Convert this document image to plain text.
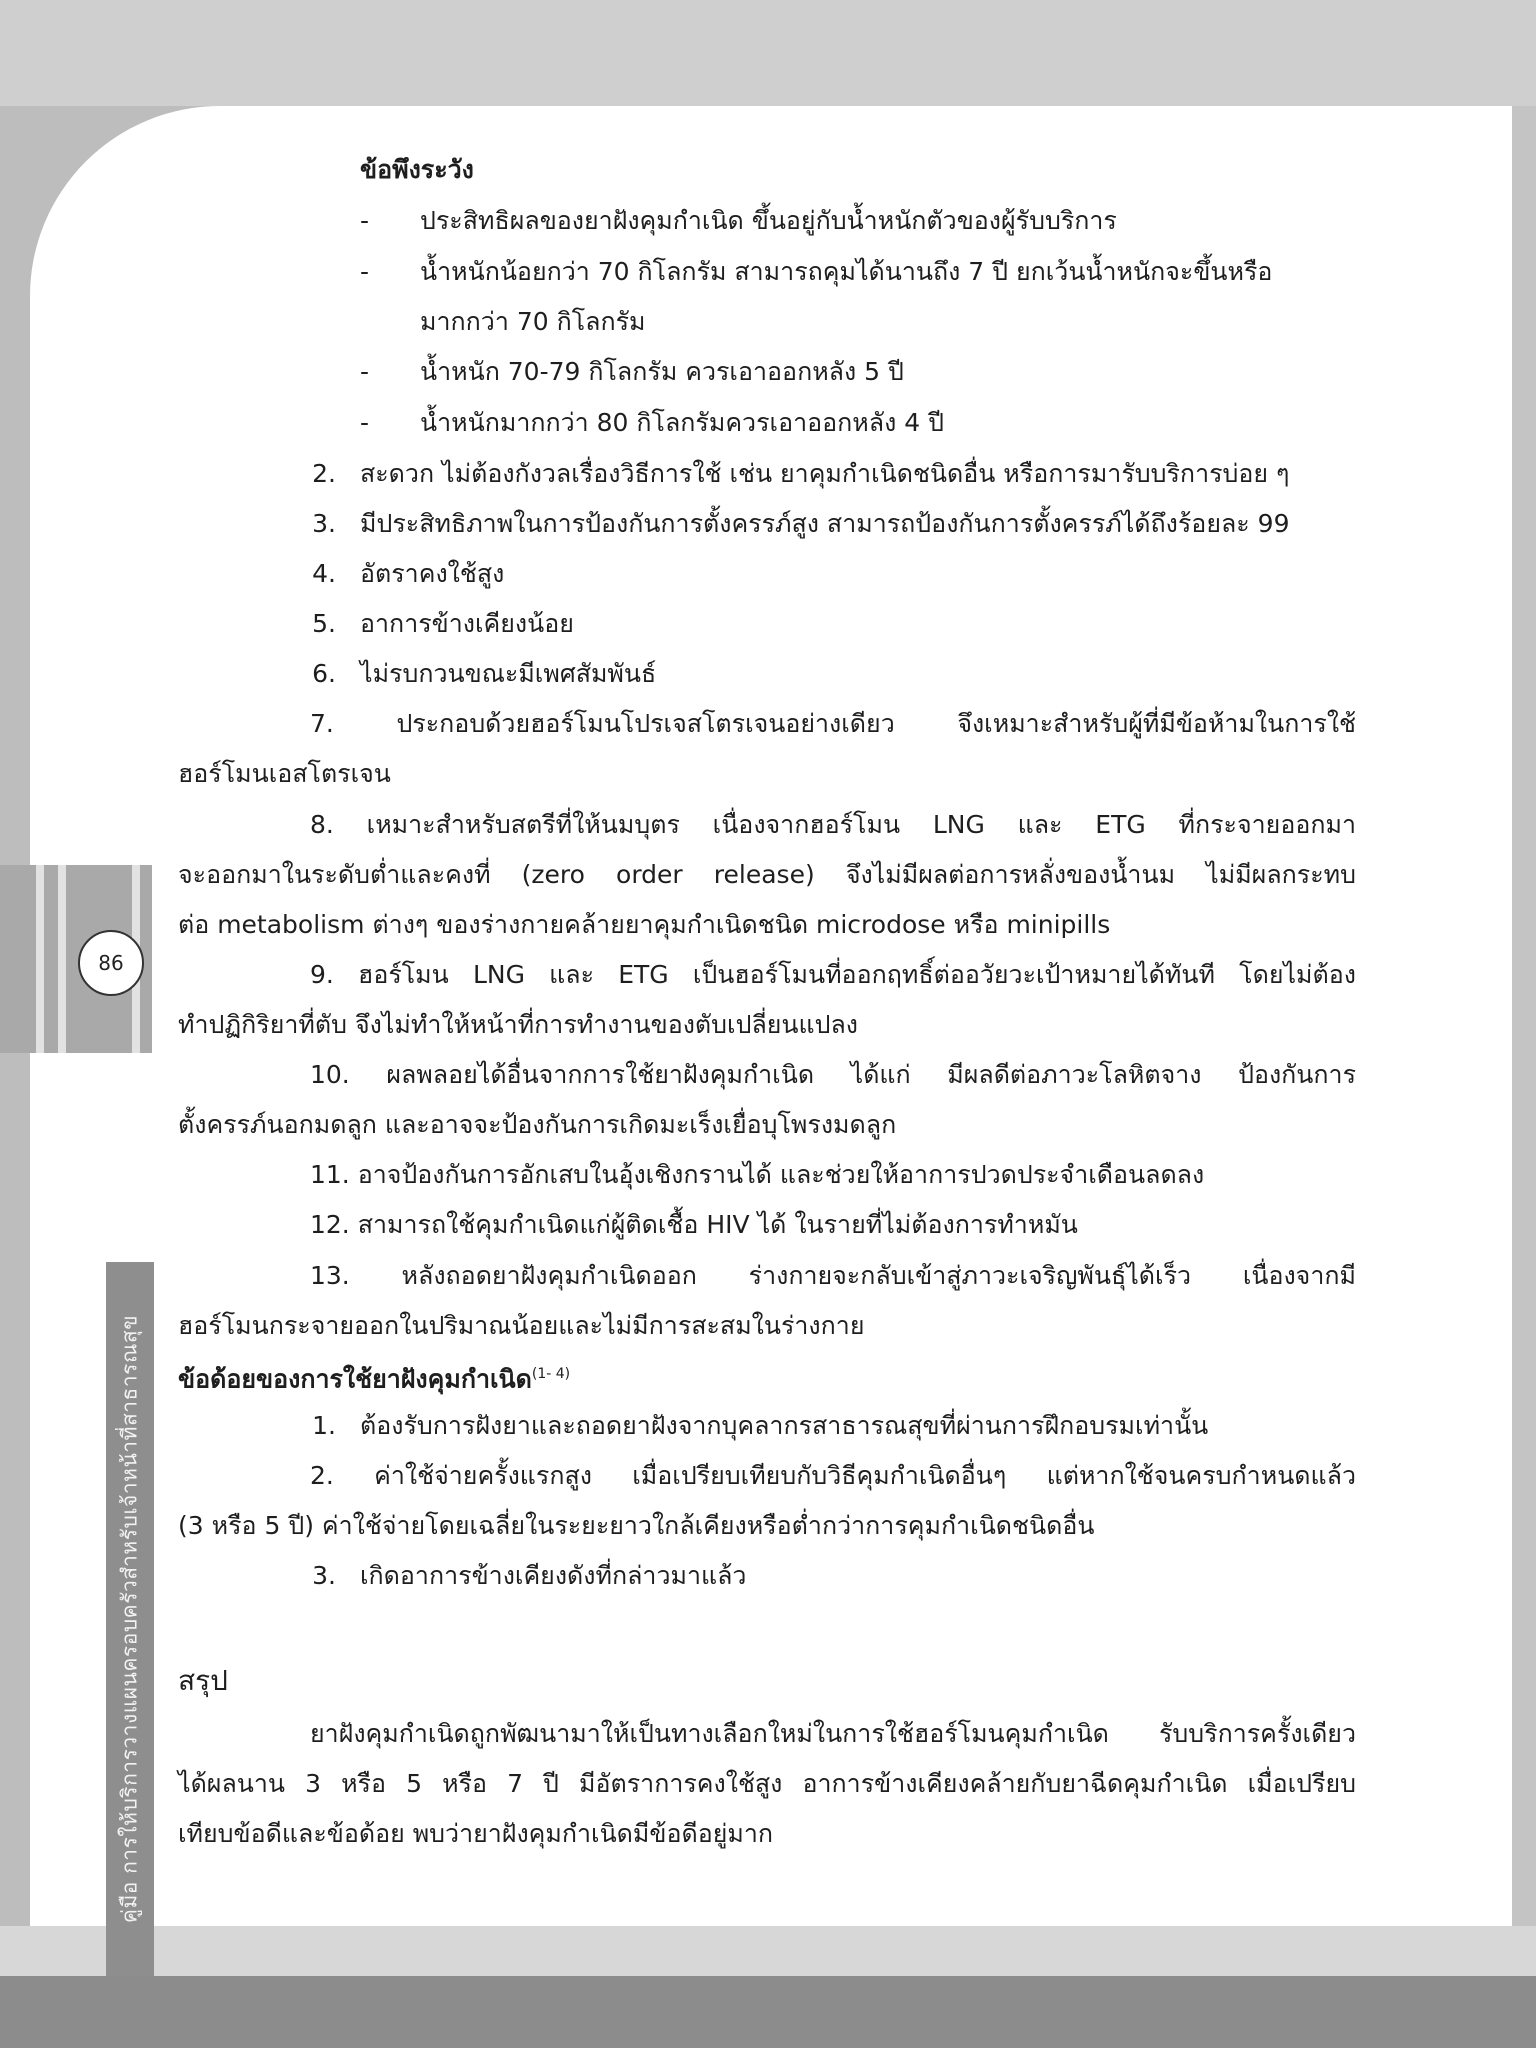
86
คู่มือ การให้บริการวางแผนครอบครัวสำหรับเจ้าหน้าที่สาธารณสุข
ข้อพึงระวัง
- ประสิทธิผลของยาฝังคุมกำเนิด ขึ้นอยู่กับน้ำหนักตัวของผู้รับบริการ
- น้ำหนักน้อยกว่า 70 กิโลกรัม สามารถคุมได้นานถึง 7 ปี ยกเว้นน้ำหนักจะขึ้นหรือ
มากกว่า 70 กิโลกรัม
- น้ำหนัก 70-79 กิโลกรัม ควรเอาออกหลัง 5 ปี
- น้ำหนักมากกว่า 80 กิโลกรัมควรเอาออกหลัง 4 ปี
2. สะดวก ไม่ต้องกังวลเรื่องวิธีการใช้ เช่น ยาคุมกำเนิดชนิดอื่น หรือการมารับบริการบ่อย ๆ
3. มีประสิทธิภาพในการป้องกันการตั้งครรภ์สูง สามารถป้องกันการตั้งครรภ์ได้ถึงร้อยละ 99
4. อัตราคงใช้สูง
5. อาการข้างเคียงน้อย
6. ไม่รบกวนขณะมีเพศสัมพันธ์
7. ประกอบด้วยฮอร์โมนโปรเจสโตรเจนอย่างเดียว จึงเหมาะสำหรับผู้ที่มีข้อห้ามในการใช้
ฮอร์โมนเอสโตรเจน
8. เหมาะสำหรับสตรีที่ให้นมบุตร เนื่องจากฮอร์โมน LNG และ ETG ที่กระจายออกมา
จะออกมาในระดับต่ำและคงที่ (zero order release) จึงไม่มีผลต่อการหลั่งของน้ำนม ไม่มีผลกระทบ
ต่อ metabolism ต่างๆ ของร่างกายคล้ายยาคุมกำเนิดชนิด microdose หรือ minipills
9. ฮอร์โมน LNG และ ETG เป็นฮอร์โมนที่ออกฤทธิ์ต่ออวัยวะเป้าหมายได้ทันที โดยไม่ต้อง
ทำปฏิกิริยาที่ตับ จึงไม่ทำให้หน้าที่การทำงานของตับเปลี่ยนแปลง
10. ผลพลอยได้อื่นจากการใช้ยาฝังคุมกำเนิด ได้แก่ มีผลดีต่อภาวะโลหิตจาง ป้องกันการ
ตั้งครรภ์นอกมดลูก และอาจจะป้องกันการเกิดมะเร็งเยื่อบุโพรงมดลูก
11. อาจป้องกันการอักเสบในอุ้งเชิงกรานได้ และช่วยให้อาการปวดประจำเดือนลดลง
12. สามารถใช้คุมกำเนิดแก่ผู้ติดเชื้อ HIV ได้ ในรายที่ไม่ต้องการทำหมัน
13. หลังถอดยาฝังคุมกำเนิดออก ร่างกายจะกลับเข้าสู่ภาวะเจริญพันธุ์ได้เร็ว เนื่องจากมี
ฮอร์โมนกระจายออกในปริมาณน้อยและไม่มีการสะสมในร่างกาย
ข้อด้อยของการใช้ยาฝังคุมกำเนิด$^{(1- 4)}$
1. ต้องรับการฝังยาและถอดยาฝังจากบุคลากรสาธารณสุขที่ผ่านการฝึกอบรมเท่านั้น
2. ค่าใช้จ่ายครั้งแรกสูง เมื่อเปรียบเทียบกับวิธีคุมกำเนิดอื่นๆ แต่หากใช้จนครบกำหนดแล้ว
(3 หรือ 5 ปี) ค่าใช้จ่ายโดยเฉลี่ยในระยะยาวใกล้เคียงหรือต่ำกว่าการคุมกำเนิดชนิดอื่น
3. เกิดอาการข้างเคียงดังที่กล่าวมาแล้ว
สรุป
ยาฝังคุมกำเนิดถูกพัฒนามาให้เป็นทางเลือกใหม่ในการใช้ฮอร์โมนคุมกำเนิด รับบริการครั้งเดียว
ได้ผลนาน 3 หรือ 5 หรือ 7 ปี มีอัตราการคงใช้สูง อาการข้างเคียงคล้ายกับยาฉีดคุมกำเนิด เมื่อเปรียบ
เทียบข้อดีและข้อด้อย พบว่ายาฝังคุมกำเนิดมีข้อดีอยู่มาก
